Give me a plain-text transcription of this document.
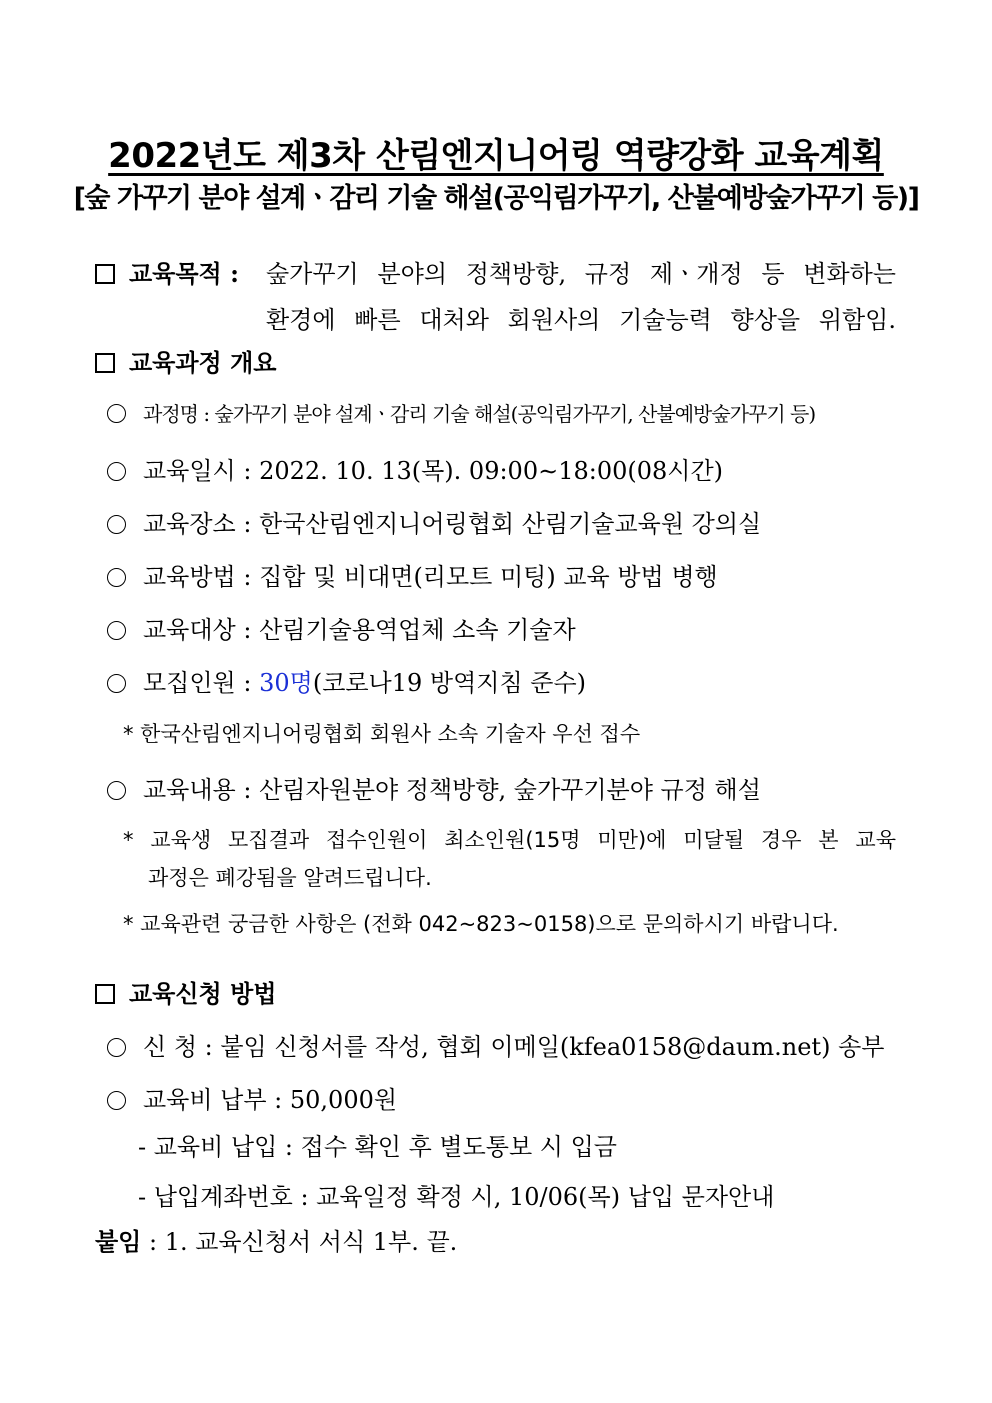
2022년도 제3차 산림엔지니어링 역량강화 교육계획
[숲 가꾸기 분야 설계ㆍ감리 기술 해설(공익림가꾸기, 산불예방숲가꾸기 등)]
교육목적 : 숲가꾸기 분야의 정책방향, 규정 제ㆍ개정 등 변화하는
환경에 빠른 대처와 회원사의 기술능력 향상을 위함임.
교육과정 개요
과정명 : 숲가꾸기 분야 설계ㆍ감리 기술 해설(공익림가꾸기, 산불예방숲가꾸기 등)
교육일시 : 2022. 10. 13(목). 09:00∼18:00(08시간)
교육장소 : 한국산림엔지니어링협회 산림기술교육원 강의실
교육방법 : 집합 및 비대면(리모트 미팅) 교육 방법 병행
교육대상 : 산림기술용역업체 소속 기술자
모집인원 : 30명(코로나19 방역지침 준수)
* 한국산림엔지니어링협회 회원사 소속 기술자 우선 접수
교육내용 : 산림자원분야 정책방향, 숲가꾸기분야 규정 해설
* 교육생 모집결과 접수인원이 최소인원(15명 미만)에 미달될 경우 본 교육
과정은 폐강됨을 알려드립니다.
* 교육관련 궁금한 사항은 (전화 042~823~0158)으로 문의하시기 바랍니다.
교육신청 방법
신 청 : 붙임 신청서를 작성, 협회 이메일(kfea0158@daum.net) 송부
교육비 납부 : 50,000원
- 교육비 납입 : 접수 확인 후 별도통보 시 입금
- 납입계좌번호 : 교육일정 확정 시, 10/06(목) 납입 문자안내
붙임 : 1. 교육신청서 서식 1부. 끝.
